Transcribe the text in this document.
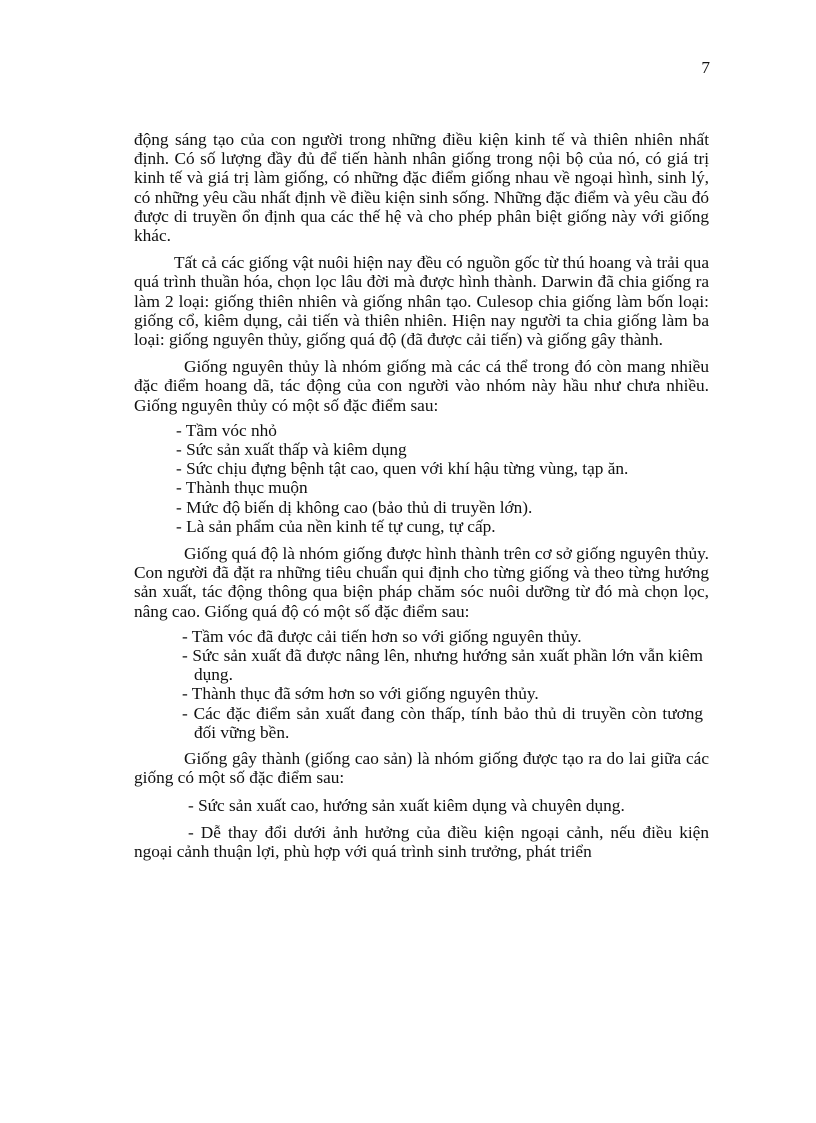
7

động sáng tạo của con người trong những điều kiện kinh tế và thiên nhiên nhất định. Có số lượng đầy đủ để tiến hành nhân giống trong nội bộ của nó, có giá trị kinh tế và giá trị làm giống, có những đặc điểm giống nhau về ngoại hình, sinh lý, có những yêu cầu nhất định về điều kiện sinh sống. Những đặc điểm và yêu cầu đó được di truyền ổn định qua các thế hệ và cho phép phân biệt giống này với giống khác.

Tất cả các giống vật nuôi hiện nay đều có nguồn gốc từ thú hoang và trải qua quá trình thuần hóa, chọn lọc lâu đời mà được hình thành. Darwin đã chia giống ra làm 2 loại: giống thiên nhiên và giống nhân tạo. Culesop chia giống làm bốn loại: giống cổ, kiêm dụng, cải tiến và thiên nhiên. Hiện nay người ta chia giống làm ba loại: giống nguyên thủy, giống quá độ (đã được cải tiến) và giống gây thành.

Giống nguyên thủy là nhóm giống mà các cá thể trong đó còn mang nhiều đặc điểm hoang dã, tác động của con người vào nhóm này hầu như chưa nhiều. Giống nguyên thủy có một số đặc điểm sau:

- Tầm vóc nhỏ
- Sức sản xuất thấp và kiêm dụng
- Sức chịu đựng bệnh tật cao, quen với khí hậu từng vùng, tạp ăn.
- Thành thục muộn
- Mức độ biến dị không cao (bảo thủ di truyền lớn).
- Là sản phẩm của nền kinh tế tự cung, tự cấp.

Giống quá độ là nhóm giống được hình thành trên cơ sở giống nguyên thủy. Con người đã đặt ra những tiêu chuẩn qui định cho từng giống và theo từng hướng sản xuất, tác động thông qua biện pháp chăm sóc nuôi dưỡng từ đó mà chọn lọc, nâng cao. Giống quá độ có một số đặc điểm sau:

- Tầm vóc đã được cải tiến hơn so với giống nguyên thủy.
- Sức sản xuất đã được nâng lên, nhưng hướng sản xuất phần lớn vẫn kiêm dụng.
- Thành thục đã sớm hơn so với giống nguyên thủy.
- Các đặc điểm sản xuất đang còn thấp, tính bảo thủ di truyền còn tương đối vững bền.

Giống gây thành (giống cao sản) là nhóm giống được tạo ra do lai giữa các giống có một số đặc điểm sau:

- Sức sản xuất cao, hướng sản xuất kiêm dụng và chuyên dụng.

- Dễ thay đổi dưới ảnh hưởng của điều kiện ngoại cảnh, nếu điều kiện ngoại cảnh thuận lợi, phù hợp với quá trình sinh trưởng, phát triển
